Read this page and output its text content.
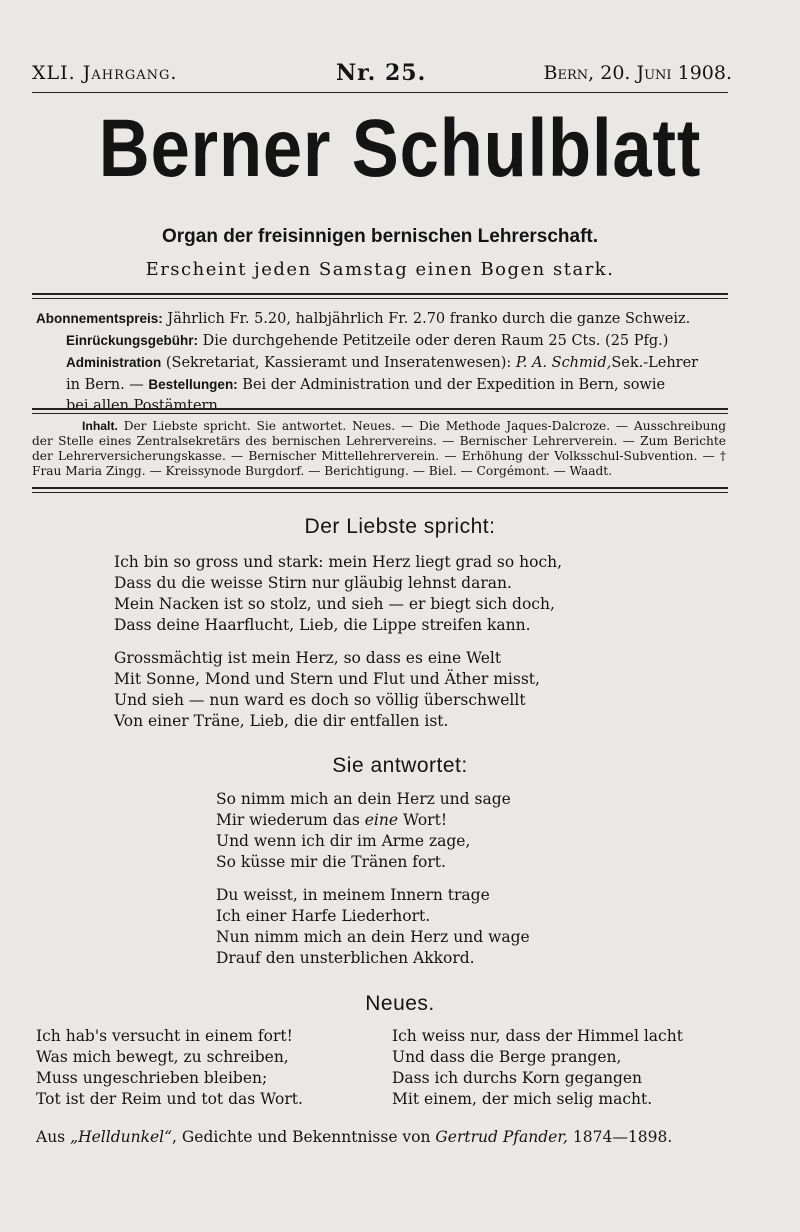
XLI. Jahrgang.	Nr. 25.	Bern, 20. Juni 1908.
Berner Schulblatt
Organ der freisinnigen bernischen Lehrerschaft.
Erscheint jeden Samstag einen Bogen stark.

Abonnementspreis: Jährlich Fr. 5.20, halbjährlich Fr. 2.70 franko durch die ganze Schweiz.

Einrückungsgebühr: Die durchgehende Petitzeile oder deren Raum 25 Cts. (25 Pfg.)

Administration (Sekretariat, Kassieramt und Inseratenwesen): P. A. Schmid,Sek.-Lehrer

in Bern. — Bestellungen: Bei der Administration und der Expedition in Bern, sowie

bei allen Postämtern.

Inhalt. Der Liebste spricht. Sie antwortet. Neues. — Die Methode Jaques-Dalcroze. — Ausschreibung der Stelle eines Zentralsekretärs des bernischen Lehrervereins. — Bernischer Lehrerverein. — Zum Berichte der Lehrerversicherungskasse. — Bernischer Mittellehrerverein. — Erhöhung der Volksschul-Subvention. — † Frau Maria Zingg. — Kreissynode Burgdorf. — Berichtigung. — Biel. — Corgémont. — Waadt.
Der Liebste spricht:
Ich bin so gross und stark: mein Herz liegt grad so hoch,
Dass du die weisse Stirn nur gläubig lehnst daran.
Mein Nacken ist so stolz, und sieh — er biegt sich doch,
Dass deine Haarflucht, Lieb, die Lippe streifen kann.
Grossmächtig ist mein Herz, so dass es eine Welt
Mit Sonne, Mond und Stern und Flut und Äther misst,
Und sieh — nun ward es doch so völlig überschwellt
Von einer Träne, Lieb, die dir entfallen ist.
Sie antwortet:
So nimm mich an dein Herz und sage
Mir wiederum das eine Wort!
Und wenn ich dir im Arme zage,
So küsse mir die Tränen fort.
Du weisst, in meinem Innern trage
Ich einer Harfe Liederhort.
Nun nimm mich an dein Herz und wage
Drauf den unsterblichen Akkord.
Neues.
Ich hab's versucht in einem fort!
Was mich bewegt, zu schreiben,
Muss ungeschrieben bleiben;
Tot ist der Reim und tot das Wort.
Ich weiss nur, dass der Himmel lacht
Und dass die Berge prangen,
Dass ich durchs Korn gegangen
Mit einem, der mich selig macht.
Aus „Helldunkel“, Gedichte und Bekenntnisse von Gertrud Pfander, 1874—1898.
